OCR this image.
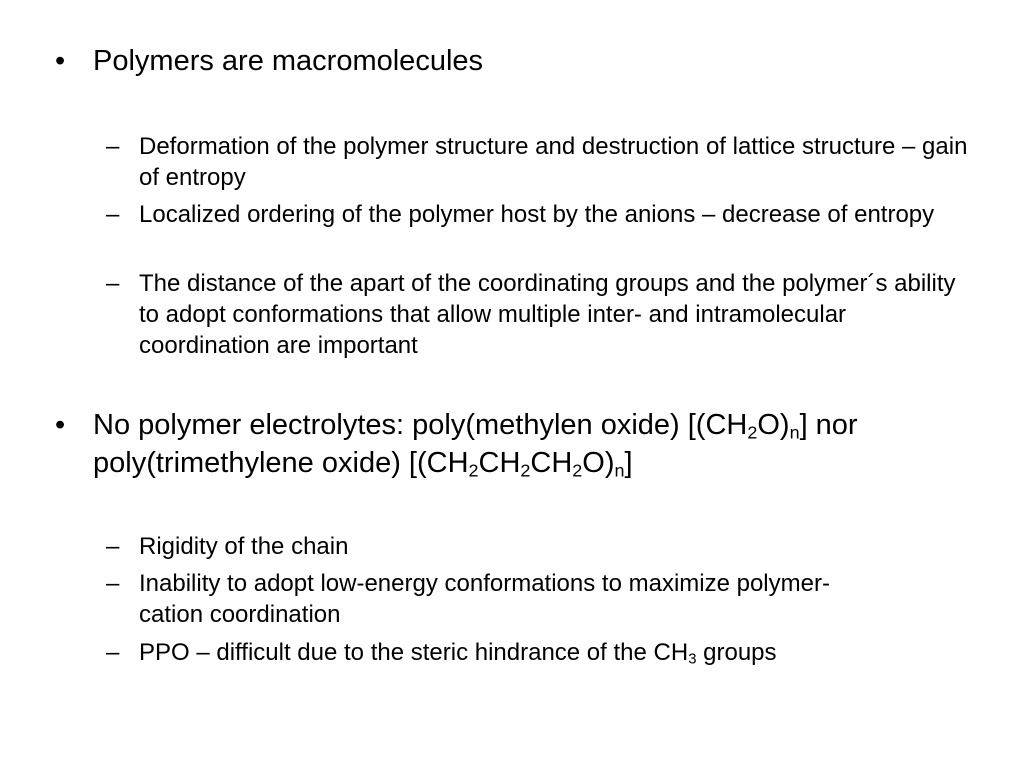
• Polymers are macromolecules
– Deformation of the polymer structure and destruction of lattice structure – gain of entropy
– Localized ordering of the polymer host by the anions – decrease of entropy
– The distance of the apart of the coordinating groups and the polymer´s ability to adopt conformations that allow multiple inter- and intramolecular coordination are important
• No polymer electrolytes: poly(methylen oxide) $[(CH_2O)_n]$ nor poly(trimethylene oxide) $[(CH_2CH_2CH_2O)_n]$
– Rigidity of the chain
– Inability to adopt low-energy conformations to maximize polymer-cation coordination
– PPO – difficult due to the steric hindrance of the $CH_3$ groups
